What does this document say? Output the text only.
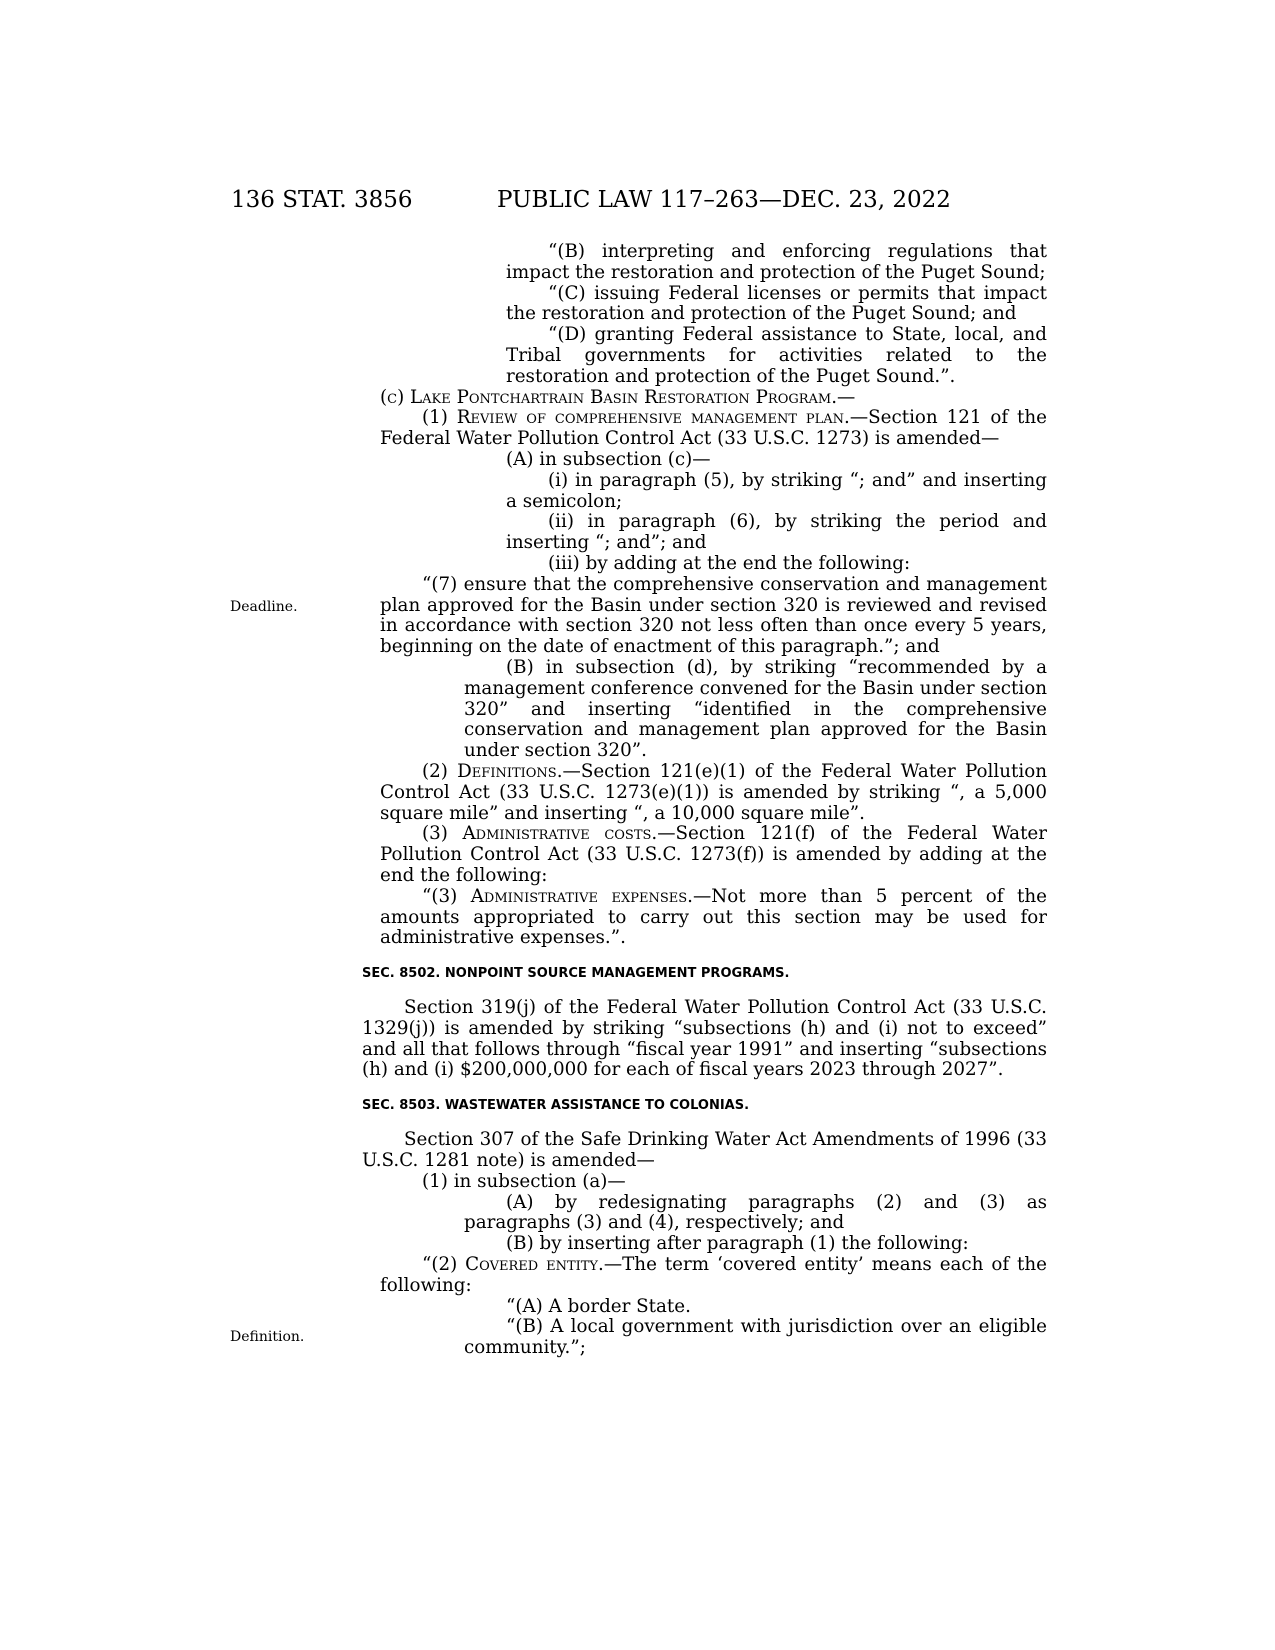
136 STAT. 3856	PUBLIC LAW 117–263—DEC. 23, 2022
Deadline.
Definition.

“(B) interpreting and enforcing regulations that impact the restoration and protection of the Puget Sound;

“(C) issuing Federal licenses or permits that impact the restoration and protection of the Puget Sound; and

“(D) granting Federal assistance to State, local, and Tribal governments for activities related to the restoration and protection of the Puget Sound.”.

(c) Lake Pontchartrain Basin Restoration Program.—

(1) Review of comprehensive management plan.—Section 121 of the Federal Water Pollution Control Act (33 U.S.C. 1273) is amended—

(A) in subsection (c)—

(i) in paragraph (5), by striking “; and” and inserting a semicolon;

(ii) in paragraph (6), by striking the period and inserting “; and”; and

(iii) by adding at the end the following:

“(7) ensure that the comprehensive conservation and management plan approved for the Basin under section 320 is reviewed and revised in accordance with section 320 not less often than once every 5 years, beginning on the date of enactment of this paragraph.”; and

(B) in subsection (d), by striking “recommended by a management conference convened for the Basin under section 320” and inserting “identified in the comprehensive conservation and management plan approved for the Basin under section 320”.

(2) Definitions.—Section 121(e)(1) of the Federal Water Pollution Control Act (33 U.S.C. 1273(e)(1)) is amended by striking “, a 5,000 square mile” and inserting “, a 10,000 square mile”.

(3) Administrative costs.—Section 121(f) of the Federal Water Pollution Control Act (33 U.S.C. 1273(f)) is amended by adding at the end the following:

“(3) Administrative expenses.—Not more than 5 percent of the amounts appropriated to carry out this section may be used for administrative expenses.”.

SEC. 8502. NONPOINT SOURCE MANAGEMENT PROGRAMS.

Section 319(j) of the Federal Water Pollution Control Act (33 U.S.C. 1329(j)) is amended by striking “subsections (h) and (i) not to exceed” and all that follows through “fiscal year 1991” and inserting “subsections (h) and (i) $200,000,000 for each of fiscal years 2023 through 2027”.

SEC. 8503. WASTEWATER ASSISTANCE TO COLONIAS.

Section 307 of the Safe Drinking Water Act Amendments of 1996 (33 U.S.C. 1281 note) is amended—

(1) in subsection (a)—

(A) by redesignating paragraphs (2) and (3) as paragraphs (3) and (4), respectively; and

(B) by inserting after paragraph (1) the following:

“(2) Covered entity.—The term ‘covered entity’ means each of the following:

“(A) A border State.

“(B) A local government with jurisdiction over an eligible community.”;
